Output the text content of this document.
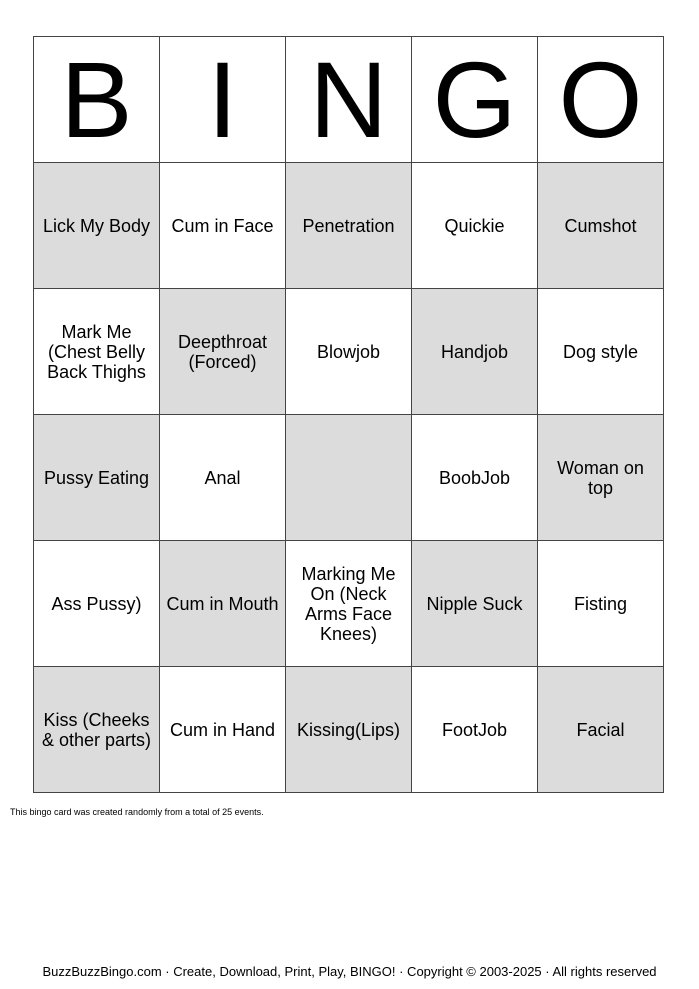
B	I	N	G	O
Lick My Body	Cum in Face	Penetration	Quickie	Cumshot
Mark Me
(Chest Belly
Back Thighs	Deepthroat
(Forced)	Blowjob	Handjob	Dog style
Pussy Eating	Anal		BoobJob	Woman on
top
Ass Pussy)	Cum in Mouth	Marking Me
On (Neck
Arms Face
Knees)	Nipple Suck	Fisting
Kiss (Cheeks
& other parts)	Cum in Hand	Kissing(Lips)	FootJob	Facial
This bingo card was created randomly from a total of 25 events.
BuzzBuzzBingo.com · Create, Download, Print, Play, BINGO! · Copyright © 2003-2025 · All rights reserved
